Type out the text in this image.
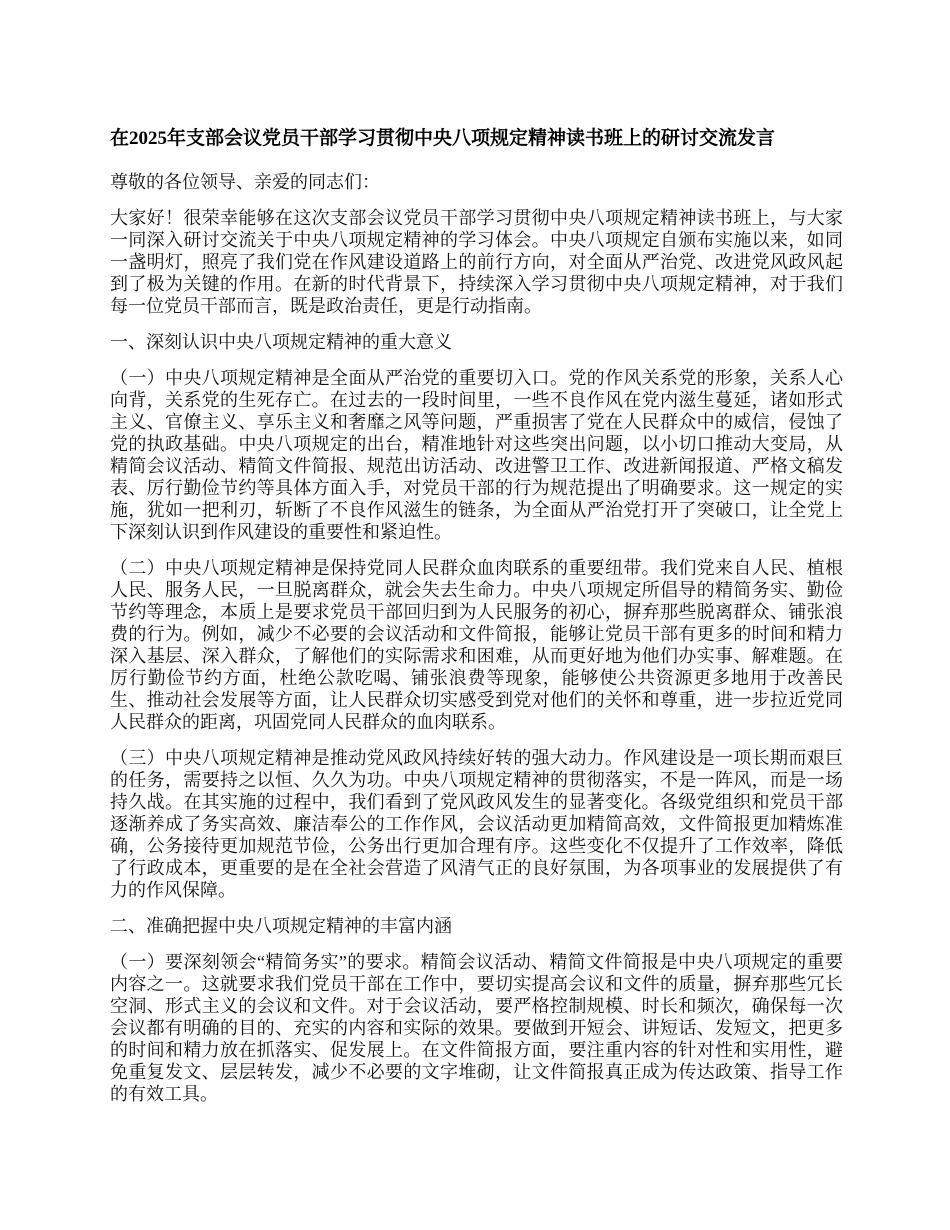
在2025年支部会议党员干部学习贯彻中央八项规定精神读书班上的研讨交流发言

尊敬的各位领导、亲爱的同志们：

大家好！很荣幸能够在这次支部会议党员干部学习贯彻中央八项规定精神读书班上，与大家一同深入研讨交流关于中央八项规定精神的学习体会。中央八项规定自颁布实施以来，如同一盏明灯，照亮了我们党在作风建设道路上的前行方向，对全面从严治党、改进党风政风起到了极为关键的作用。在新的时代背景下，持续深入学习贯彻中央八项规定精神，对于我们每一位党员干部而言，既是政治责任，更是行动指南。

一、深刻认识中央八项规定精神的重大意义

（一）中央八项规定精神是全面从严治党的重要切入口。党的作风关系党的形象，关系人心向背，关系党的生死存亡。在过去的一段时间里，一些不良作风在党内滋生蔓延，诸如形式主义、官僚主义、享乐主义和奢靡之风等问题，严重损害了党在人民群众中的威信，侵蚀了党的执政基础。中央八项规定的出台，精准地针对这些突出问题，以小切口推动大变局，从精简会议活动、精简文件简报、规范出访活动、改进警卫工作、改进新闻报道、严格文稿发表、厉行勤俭节约等具体方面入手，对党员干部的行为规范提出了明确要求。这一规定的实施，犹如一把利刃，斩断了不良作风滋生的链条，为全面从严治党打开了突破口，让全党上下深刻认识到作风建设的重要性和紧迫性。

（二）中央八项规定精神是保持党同人民群众血肉联系的重要纽带。我们党来自人民、植根人民、服务人民，一旦脱离群众，就会失去生命力。中央八项规定所倡导的精简务实、勤俭节约等理念，本质上是要求党员干部回归到为人民服务的初心，摒弃那些脱离群众、铺张浪费的行为。例如，减少不必要的会议活动和文件简报，能够让党员干部有更多的时间和精力深入基层、深入群众，了解他们的实际需求和困难，从而更好地为他们办实事、解难题。在厉行勤俭节约方面，杜绝公款吃喝、铺张浪费等现象，能够使公共资源更多地用于改善民生、推动社会发展等方面，让人民群众切实感受到党对他们的关怀和尊重，进一步拉近党同人民群众的距离，巩固党同人民群众的血肉联系。

（三）中央八项规定精神是推动党风政风持续好转的强大动力。作风建设是一项长期而艰巨的任务，需要持之以恒、久久为功。中央八项规定精神的贯彻落实，不是一阵风，而是一场持久战。在其实施的过程中，我们看到了党风政风发生的显著变化。各级党组织和党员干部逐渐养成了务实高效、廉洁奉公的工作作风，会议活动更加精简高效，文件简报更加精炼准确，公务接待更加规范节俭，公务出行更加合理有序。这些变化不仅提升了工作效率，降低了行政成本，更重要的是在全社会营造了风清气正的良好氛围，为各项事业的发展提供了有力的作风保障。

二、准确把握中央八项规定精神的丰富内涵

（一）要深刻领会“精简务实”的要求。精简会议活动、精简文件简报是中央八项规定的重要内容之一。这就要求我们党员干部在工作中，要切实提高会议和文件的质量，摒弃那些冗长空洞、形式主义的会议和文件。对于会议活动，要严格控制规模、时长和频次，确保每一次会议都有明确的目的、充实的内容和实际的效果。要做到开短会、讲短话、发短文，把更多的时间和精力放在抓落实、促发展上。在文件简报方面，要注重内容的针对性和实用性，避免重复发文、层层转发，减少不必要的文字堆砌，让文件简报真正成为传达政策、指导工作的有效工具。
